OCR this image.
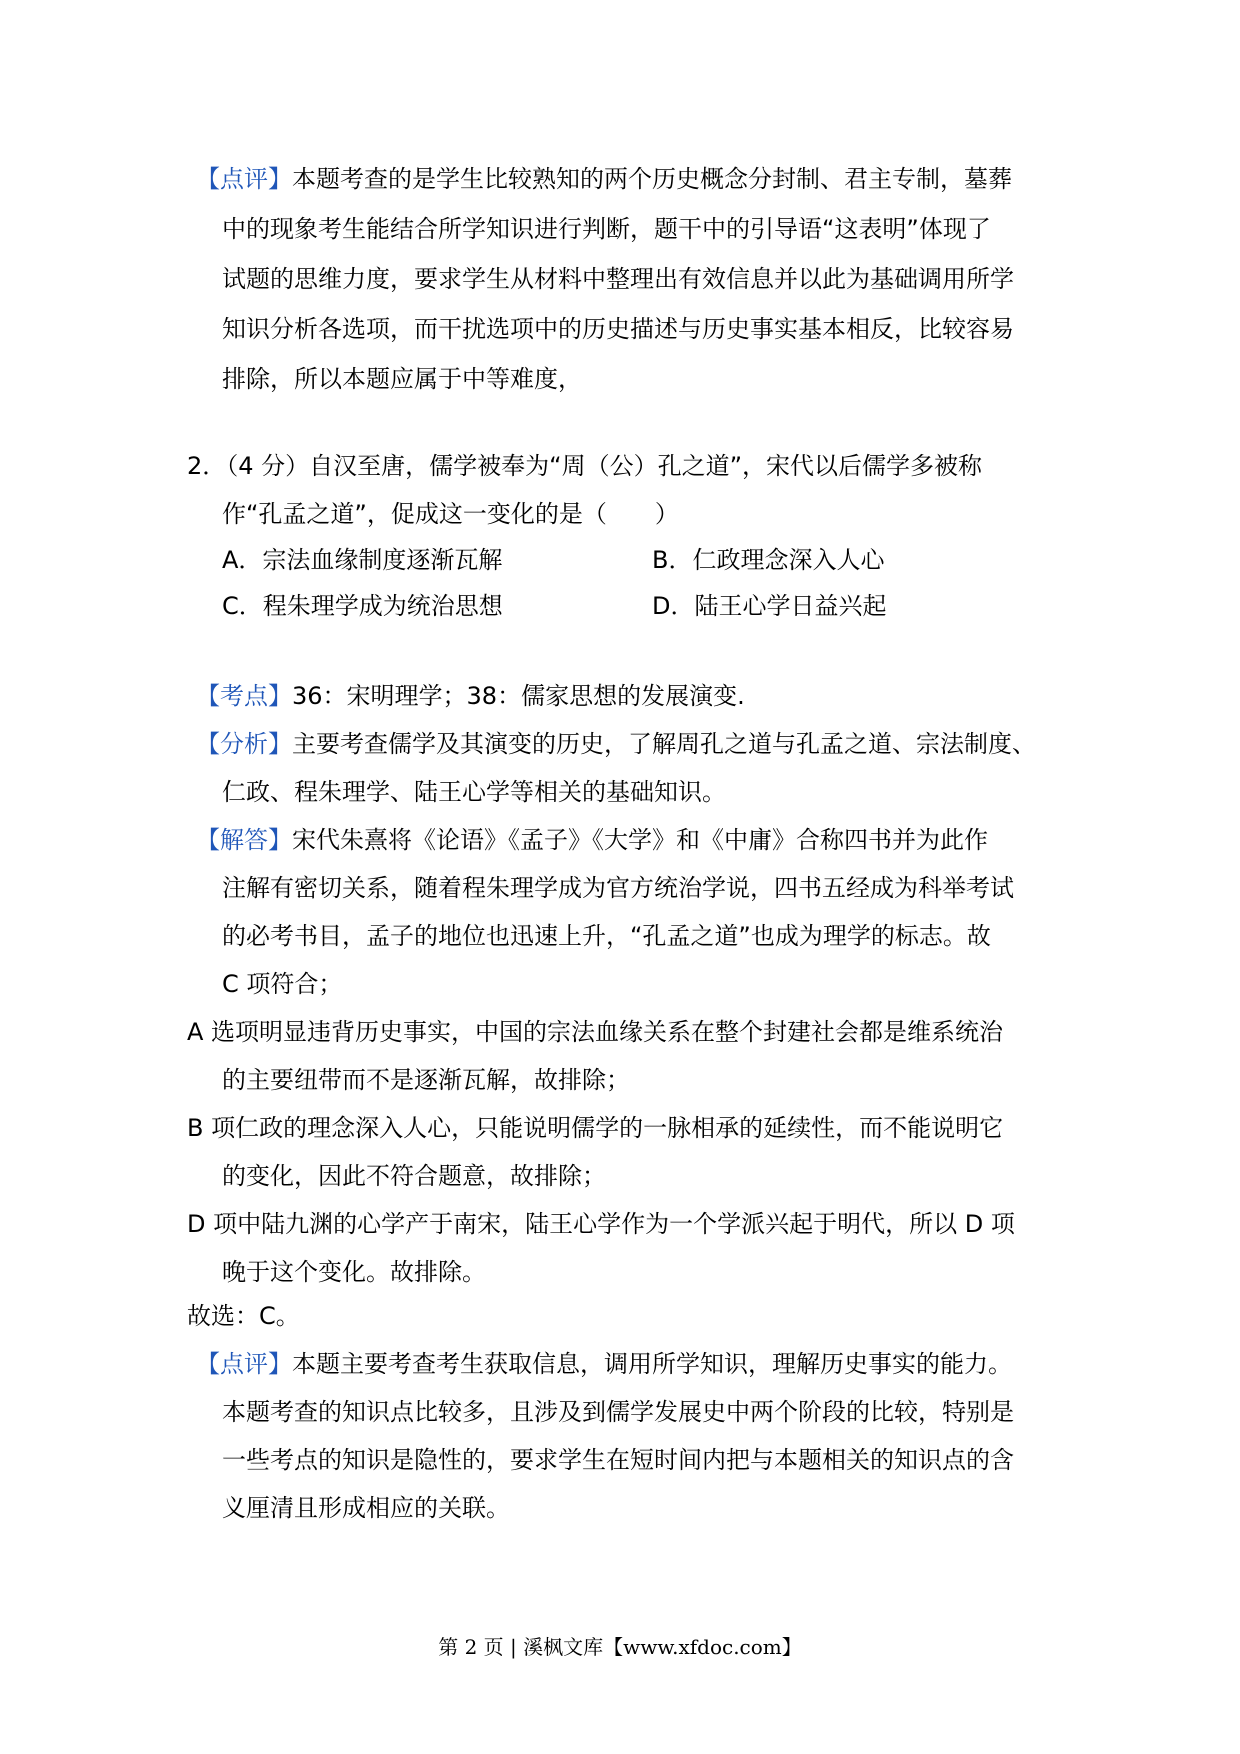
【点评】本题考查的是学生比较熟知的两个历史概念分封制、君主专制，墓葬
中的现象考生能结合所学知识进行判断，题干中的引导语“这表明”体现了
试题的思维力度，要求学生从材料中整理出有效信息并以此为基础调用所学
知识分析各选项，而干扰选项中的历史描述与历史事实基本相反，比较容易
排除，所以本题应属于中等难度，
2．（4 分）自汉至唐，儒学被奉为“周（公）孔之道”，宋代以后儒学多被称
作“孔孟之道”，促成这一变化的是（　　）
A．宗法血缘制度逐渐瓦解	B．仁政理念深入人心
C．程朱理学成为统治思想	D．陆王心学日益兴起
【考点】36：宋明理学；38：儒家思想的发展演变.
【分析】主要考查儒学及其演变的历史，了解周孔之道与孔孟之道、宗法制度、
仁政、程朱理学、陆王心学等相关的基础知识。
【解答】宋代朱熹将《论语》《孟子》《大学》和《中庸》合称四书并为此作
注解有密切关系，随着程朱理学成为官方统治学说，四书五经成为科举考试
的必考书目，孟子的地位也迅速上升，“孔孟之道”也成为理学的标志。故
C 项符合；
A 选项明显违背历史事实，中国的宗法血缘关系在整个封建社会都是维系统治
的主要纽带而不是逐渐瓦解，故排除；
B 项仁政的理念深入人心，只能说明儒学的一脉相承的延续性，而不能说明它
的变化，因此不符合题意，故排除；
D 项中陆九渊的心学产于南宋，陆王心学作为一个学派兴起于明代，所以 D 项
晚于这个变化。故排除。
故选：C。
【点评】本题主要考查考生获取信息，调用所学知识，理解历史事实的能力。
本题考查的知识点比较多，且涉及到儒学发展史中两个阶段的比较，特别是
一些考点的知识是隐性的，要求学生在短时间内把与本题相关的知识点的含
义厘清且形成相应的关联。
第 2 页 | 溪枫文库【www.xfdoc.com】
